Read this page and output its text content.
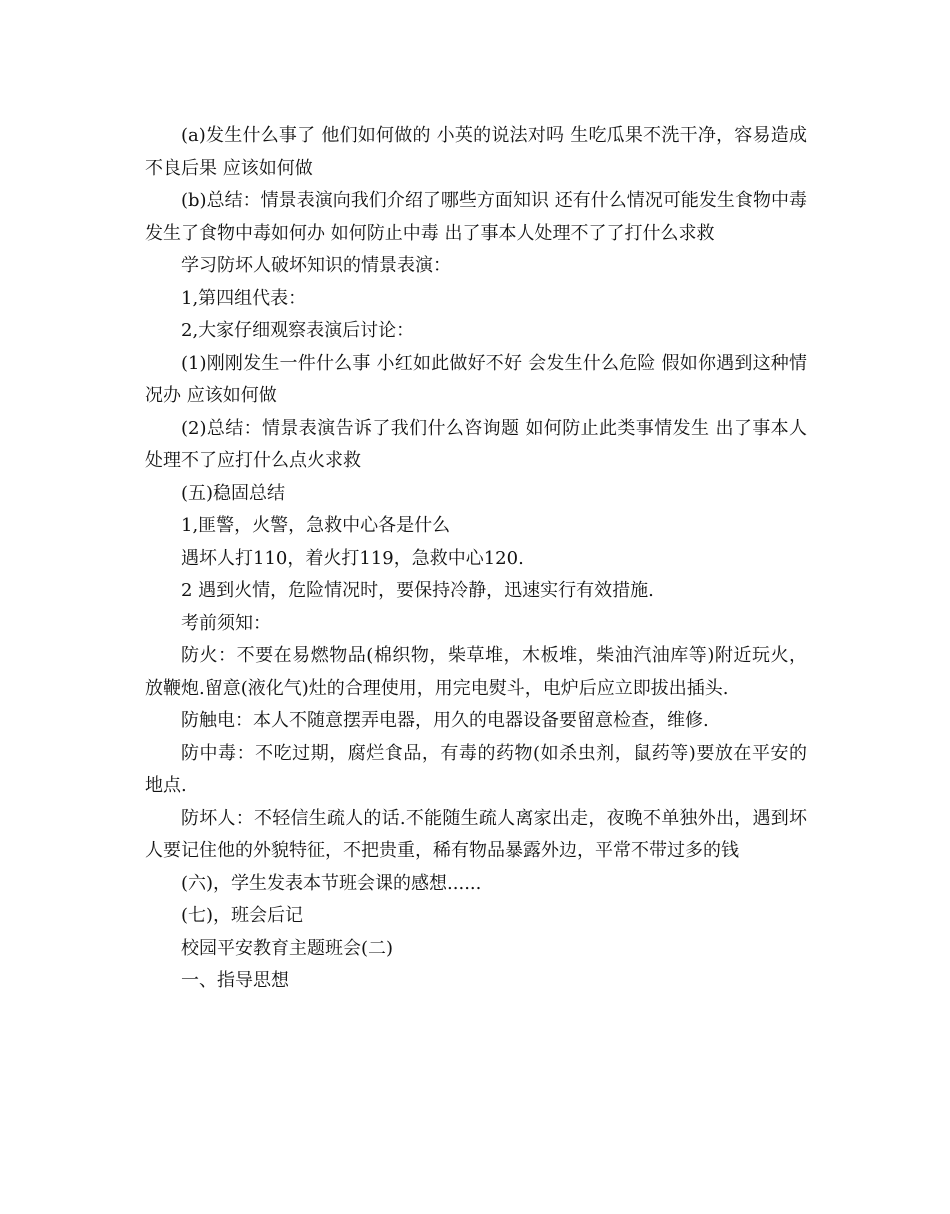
(a)发生什么事了 他们如何做的 小英的说法对吗 生吃瓜果不洗干净，容易造成不良后果 应该如何做

(b)总结：情景表演向我们介绍了哪些方面知识 还有什么情况可能发生食物中毒 发生了食物中毒如何办 如何防止中毒 出了事本人处理不了了打什么求救

学习防坏人破坏知识的情景表演：

1,第四组代表：

2,大家仔细观察表演后讨论：

(1)刚刚发生一件什么事 小红如此做好不好 会发生什么危险 假如你遇到这种情况办 应该如何做

(2)总结：情景表演告诉了我们什么咨询题 如何防止此类事情发生 出了事本人处理不了应打什么点火求救

(五)稳固总结

1,匪警，火警，急救中心各是什么

遇坏人打110，着火打119，急救中心120.

2 遇到火情，危险情况时，要保持冷静，迅速实行有效措施.

考前须知：

防火：不要在易燃物品(棉织物，柴草堆，木板堆，柴油汽油库等)附近玩火，放鞭炮.留意(液化气)灶的合理使用，用完电熨斗，电炉后应立即拔出插头.

防触电：本人不随意摆弄电器，用久的电器设备要留意检查，维修.

防中毒：不吃过期，腐烂食品，有毒的药物(如杀虫剂，鼠药等)要放在平安的地点.

防坏人：不轻信生疏人的话.不能随生疏人离家出走，夜晚不单独外出，遇到坏人要记住他的外貌特征，不把贵重，稀有物品暴露外边，平常不带过多的钱

(六)，学生发表本节班会课的感想......

(七)，班会后记

校园平安教育主题班会(二)

一、指导思想
